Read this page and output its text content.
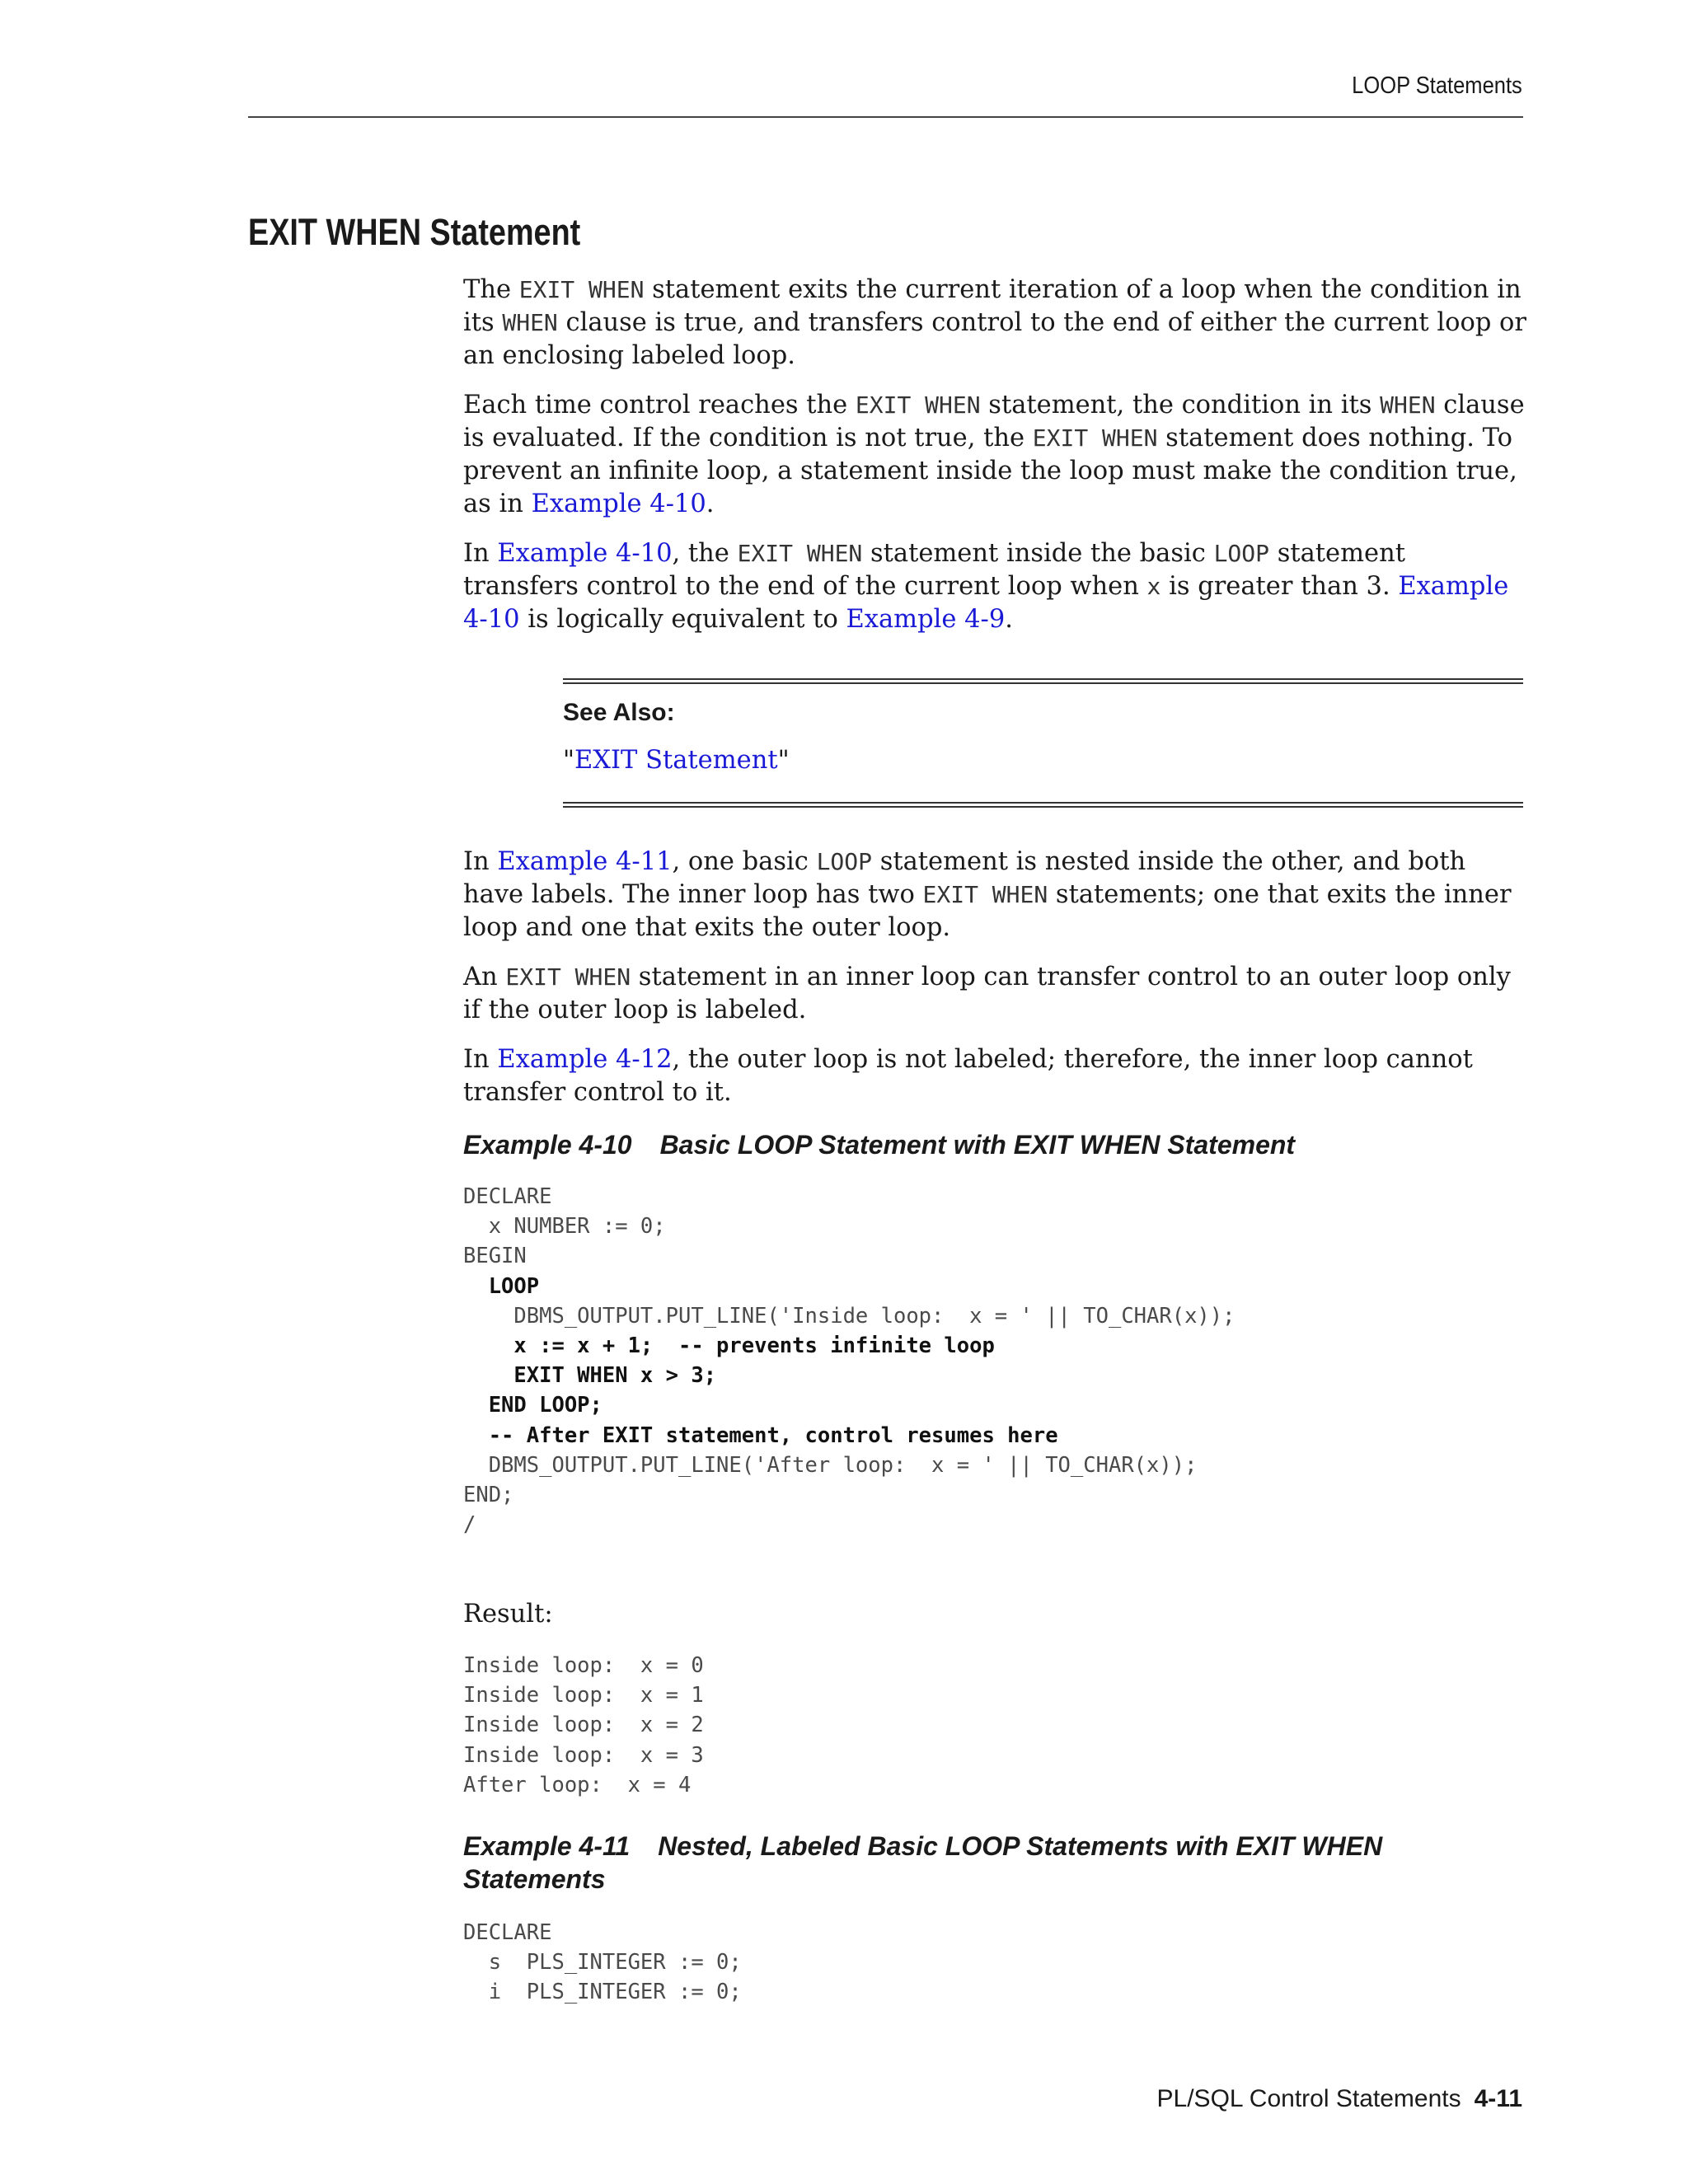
LOOP Statements
EXIT WHEN Statement

The EXIT WHEN statement exits the current iteration of a loop when the condition in its WHEN clause is true, and transfers control to the end of either the current loop or an enclosing labeled loop.

Each time control reaches the EXIT WHEN statement, the condition in its WHEN clause is evaluated. If the condition is not true, the EXIT WHEN statement does nothing. To prevent an infinite loop, a statement inside the loop must make the condition true, as in Example 4-10.

In Example 4-10, the EXIT WHEN statement inside the basic LOOP statement transfers control to the end of the current loop when x is greater than 3. Example 4-10 is logically equivalent to Example 4-9.

See Also:
"EXIT Statement"

In Example 4-11, one basic LOOP statement is nested inside the other, and both have labels. The inner loop has two EXIT WHEN statements; one that exits the inner loop and one that exits the outer loop.

An EXIT WHEN statement in an inner loop can transfer control to an outer loop only if the outer loop is labeled.

In Example 4-12, the outer loop is not labeled; therefore, the inner loop cannot transfer control to it.

Example 4-10 Basic LOOP Statement with EXIT WHEN Statement
DECLARE
x NUMBER := 0;
BEGIN
LOOP
DBMS_OUTPUT.PUT_LINE('Inside loop:  x = ' || TO_CHAR(x));
x := x + 1;  -- prevents infinite loop
EXIT WHEN x > 3;
END LOOP;
-- After EXIT statement, control resumes here
DBMS_OUTPUT.PUT_LINE('After loop:  x = ' || TO_CHAR(x));
END;
/

Result:

Inside loop:  x = 0
Inside loop:  x = 1
Inside loop:  x = 2
Inside loop:  x = 3
After loop:  x = 4
Example 4-11 Nested, Labeled Basic LOOP Statements with EXIT WHEN Statements
DECLARE
s  PLS_INTEGER := 0;
i  PLS_INTEGER := 0;
PL/SQL Control Statements 4-11
